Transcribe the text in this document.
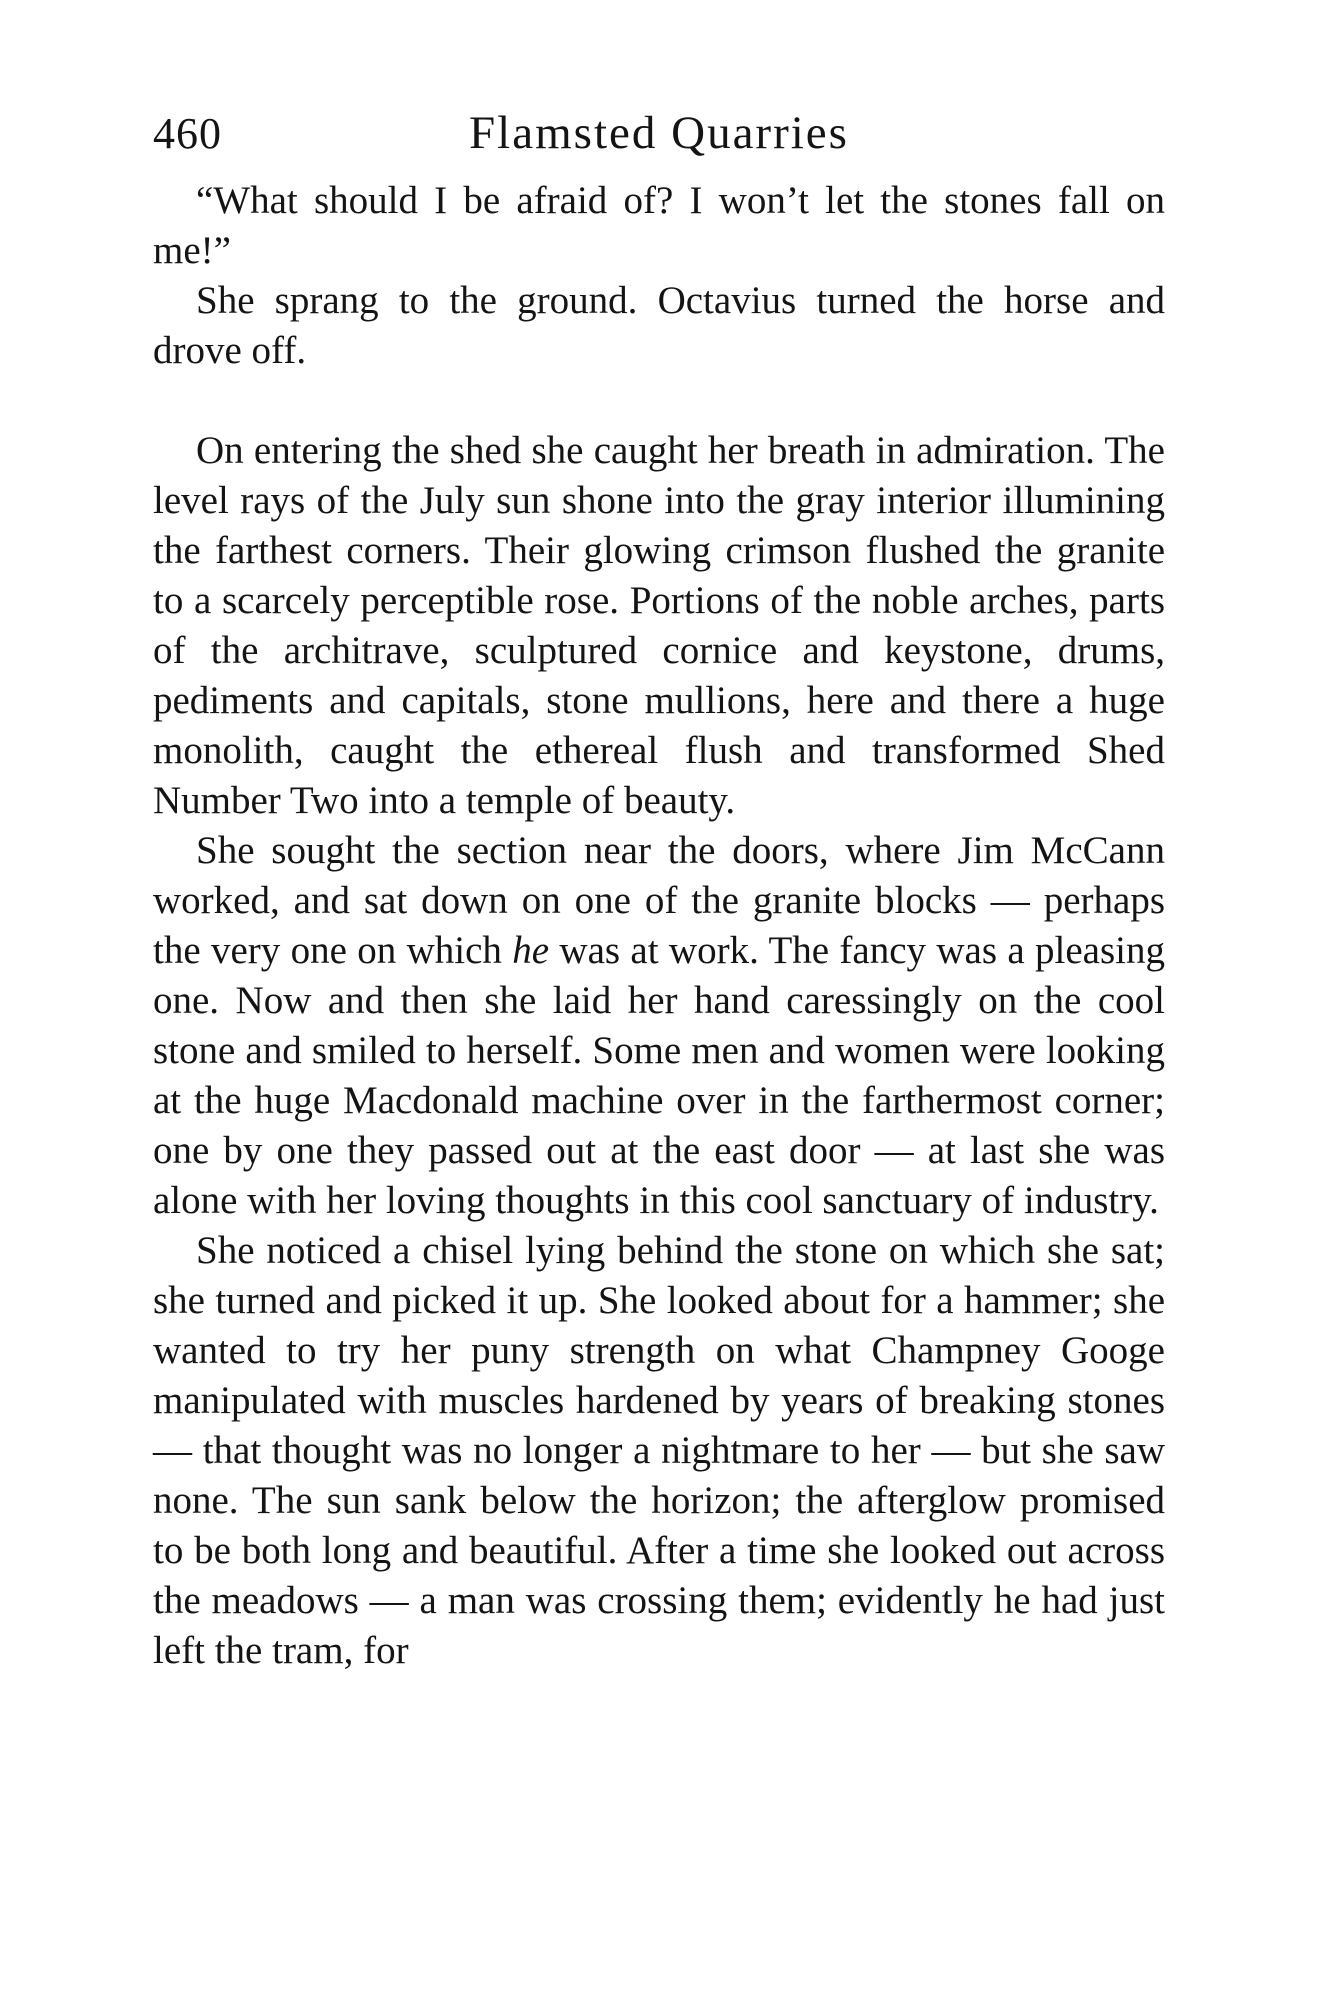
460	Flamsted Quarries

“What should I be afraid of? I won’t let the stones fall on me!”

She sprang to the ground. Octavius turned the horse and drove off.

On entering the shed she caught her breath in admiration. The level rays of the July sun shone into the gray interior illumining the farthest corners. Their glowing crimson flushed the granite to a scarcely perceptible rose. Portions of the noble arches, parts of the architrave, sculptured cornice and keystone, drums, pediments and capitals, stone mullions, here and there a huge monolith, caught the ethereal flush and transformed Shed Number Two into a temple of beauty.

She sought the section near the doors, where Jim McCann worked, and sat down on one of the granite blocks — perhaps the very one on which he was at work. The fancy was a pleasing one. Now and then she laid her hand caressingly on the cool stone and smiled to herself. Some men and women were looking at the huge Macdonald machine over in the farthermost corner; one by one they passed out at the east door — at last she was alone with her loving thoughts in this cool sanctuary of industry.

She noticed a chisel lying behind the stone on which she sat; she turned and picked it up. She looked about for a hammer; she wanted to try her puny strength on what Champney Googe manipulated with muscles hardened by years of breaking stones — that thought was no longer a nightmare to her — but she saw none. The sun sank below the horizon; the afterglow promised to be both long and beautiful. After a time she looked out across the meadows — a man was crossing them; evidently he had just left the tram, for
